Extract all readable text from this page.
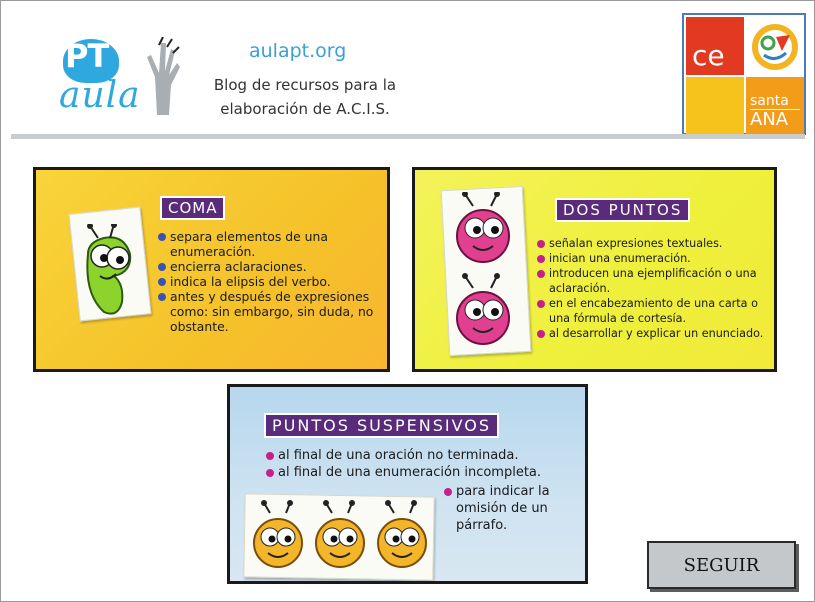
PT
aula
aulapt.org
Blog de recursos para la
elaboración de A.C.I.S.
ce
santa
ANA
COMA
separa elementos de una enumeración.
encierra aclaraciones.
indica la elipsis del verbo.
antes y después de expresiones como: sin embargo, sin duda, no obstante.
DOS PUNTOS
señalan expresiones textuales.
inician una enumeración.
introducen una ejemplificación o una aclaración.
en el encabezamiento de una carta o una fórmula de cortesía.
al desarrollar y explicar un enunciado.
PUNTOS SUSPENSIVOS
al final de una oración no terminada.
al final de una enumeración incompleta.
para indicar la omisión de un párrafo.
SEGUIR
